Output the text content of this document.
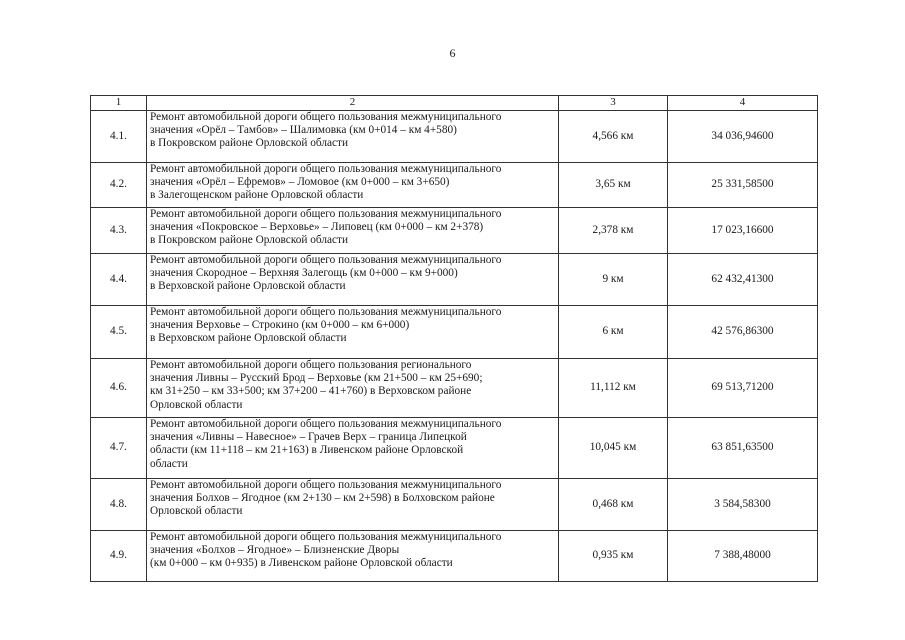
6
1	2	3	4
4.1.	Ремонт автомобильной дороги общего пользования межмуниципального
значения «Орёл – Тамбов» – Шалимовка (км 0+014 – км 4+580)
в Покровском районе Орловской области	4,566 км	34 036,94600
4.2.	Ремонт автомобильной дороги общего пользования межмуниципального
значения «Орёл – Ефремов» – Ломовое (км 0+000 – км 3+650)
в Залегощенском районе Орловской области	3,65 км	25 331,58500
4.3.	Ремонт автомобильной дороги общего пользования межмуниципального
значения «Покровское – Верховье» – Липовец (км 0+000 – км 2+378)
в Покровском районе Орловской области	2,378 км	17 023,16600
4.4.	Ремонт автомобильной дороги общего пользования межмуниципального
значения Скородное – Верхняя Залегощь (км 0+000 – км 9+000)
в Верховской районе Орловской области	9 км	62 432,41300
4.5.	Ремонт автомобильной дороги общего пользования межмуниципального
значения Верховье – Строкино (км 0+000 – км 6+000)
в Верховском районе Орловской области	6 км	42 576,86300
4.6.	Ремонт автомобильной дороги общего пользования регионального
значения Ливны – Русский Брод – Верховье (км 21+500 – км 25+690;
км 31+250 – км 33+500; км 37+200 – 41+760) в Верховском районе
Орловской области	11,112 км	69 513,71200
4.7.	Ремонт автомобильной дороги общего пользования межмуниципального
значения «Ливны – Навесное» – Грачев Верх – граница Липецкой
области (км 11+118 – км 21+163) в Ливенском районе Орловской
области	10,045 км	63 851,63500
4.8.	Ремонт автомобильной дороги общего пользования межмуниципального
значения Болхов – Ягодное (км 2+130 – км 2+598) в Болховском районе
Орловской области	0,468 км	3 584,58300
4.9.	Ремонт автомобильной дороги общего пользования межмуниципального
значения «Болхов – Ягодное» – Близненские Дворы
(км 0+000 – км 0+935) в Ливенском районе Орловской области	0,935 км	7 388,48000
